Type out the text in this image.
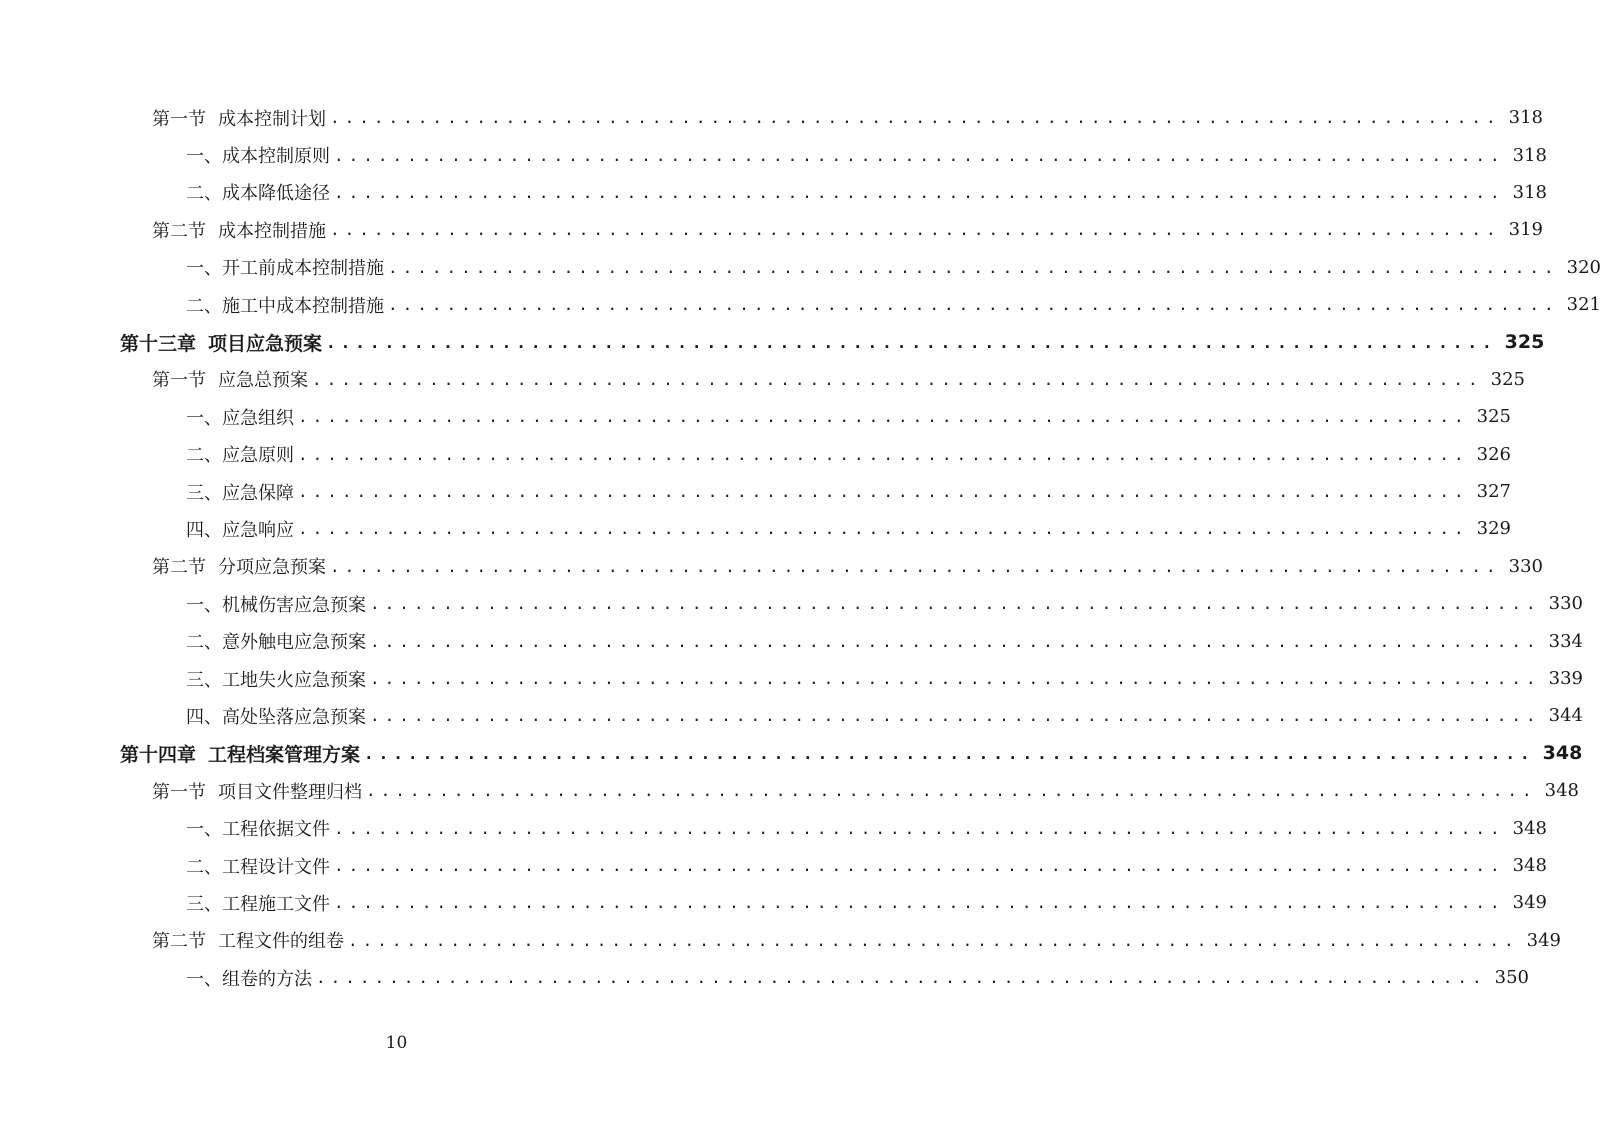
第一节 成本控制计划 ................................................................................ 318
一、成本控制原则 ................................................................................ 318
二、成本降低途径 ................................................................................ 318
第二节 成本控制措施 ................................................................................ 319
一、开工前成本控制措施 ................................................................................ 320
二、施工中成本控制措施 ................................................................................ 321
第十三章 项目应急预案 ................................................................................ 325
第一节 应急总预案 ................................................................................ 325
一、应急组织 ................................................................................ 325
二、应急原则 ................................................................................ 326
三、应急保障 ................................................................................ 327
四、应急响应 ................................................................................ 329
第二节 分项应急预案 ................................................................................ 330
一、机械伤害应急预案 ................................................................................ 330
二、意外触电应急预案 ................................................................................ 334
三、工地失火应急预案 ................................................................................ 339
四、高处坠落应急预案 ................................................................................ 344
第十四章 工程档案管理方案 ................................................................................ 348
第一节 项目文件整理归档 ................................................................................ 348
一、工程依据文件 ................................................................................ 348
二、工程设计文件 ................................................................................ 348
三、工程施工文件 ................................................................................ 349
第二节 工程文件的组卷 ................................................................................ 349
一、组卷的方法 ................................................................................ 350
10
